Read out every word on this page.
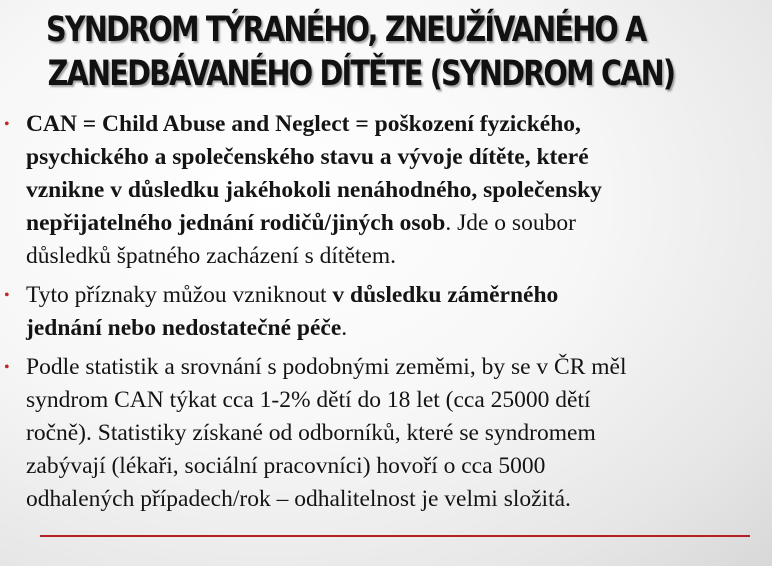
SYNDROM TÝRANÉHO, ZNEUŽÍVANÉHO A
ZANEDBÁVANÉHO DÍTĚTE (SYNDROM CAN)
• CAN = Child Abuse and Neglect = poškození fyzického,
psychického a společenského stavu a vývoje dítěte, které
vznikne v důsledku jakéhokoli nenáhodného, společensky
nepřijatelného jednání rodičů/jiných osob. Jde o soubor
důsledků špatného zacházení s dítětem.
• Tyto příznaky můžou vzniknout v důsledku záměrného
jednání nebo nedostatečné péče.
• Podle statistik a srovnání s podobnými zeměmi, by se v ČR měl
syndrom CAN týkat cca 1-2% dětí do 18 let (cca 25000 dětí
ročně). Statistiky získané od odborníků, které se syndromem
zabývají (lékaři, sociální pracovníci) hovoří o cca 5000
odhalených případech/rok – odhalitelnost je velmi složitá.
